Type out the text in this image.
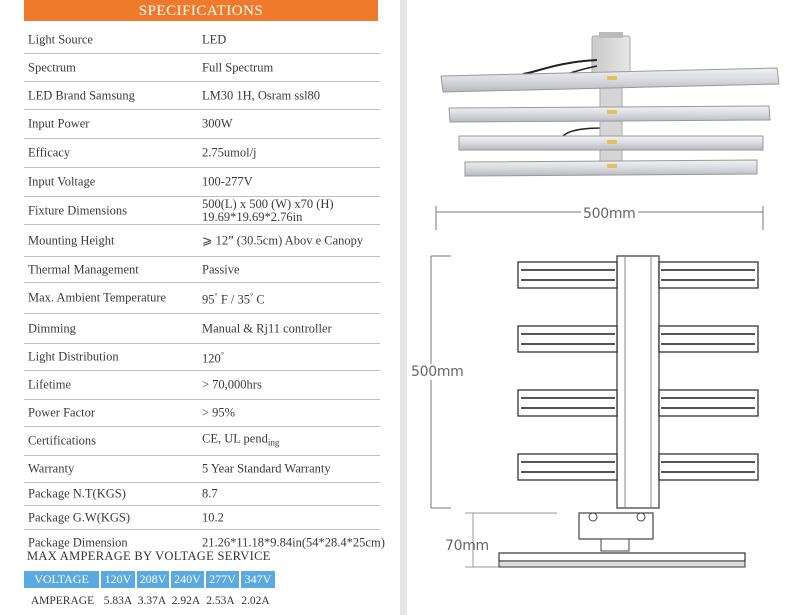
SPECIFICATIONS
Light Source	LED
Spectrum	Full Spectrum
LED Brand Samsung	LM30 1H, Osram ssl80
Input Power	300W
Efficacy	2.75umol/j
Input Voltage	100-277V
Fixture Dimensions	500(L) x 500 (W) x70 (H)
19.69*19.69*2.76in
Mounting Height	⩾ 12” (30.5cm) Abov e Canopy
Thermal Management	Passive
Max. Ambient Temperature	95° F / 35° C
Dimming	Manual & Rj11 controller
Light Distribution	120°
Lifetime	> 70,000hrs
Power Factor	> 95%
Certifications	CE, UL pend$_{ing}$
Warranty	5 Year Standard Warranty
Package N.T(KGS)	8.7
Package G.W(KGS)	10.2
Package Dimension	21.26*11.18*9.84in(54*28.4*25cm)
MAX AMPERAGE BY VOLTAGE SERVICE
VOLTAGE	120V 208V 240V 277V 347V
AMPERAGE 5.83A 3.37A 2.92A 2.53A 2.02A
500mm
500mm
70mm
